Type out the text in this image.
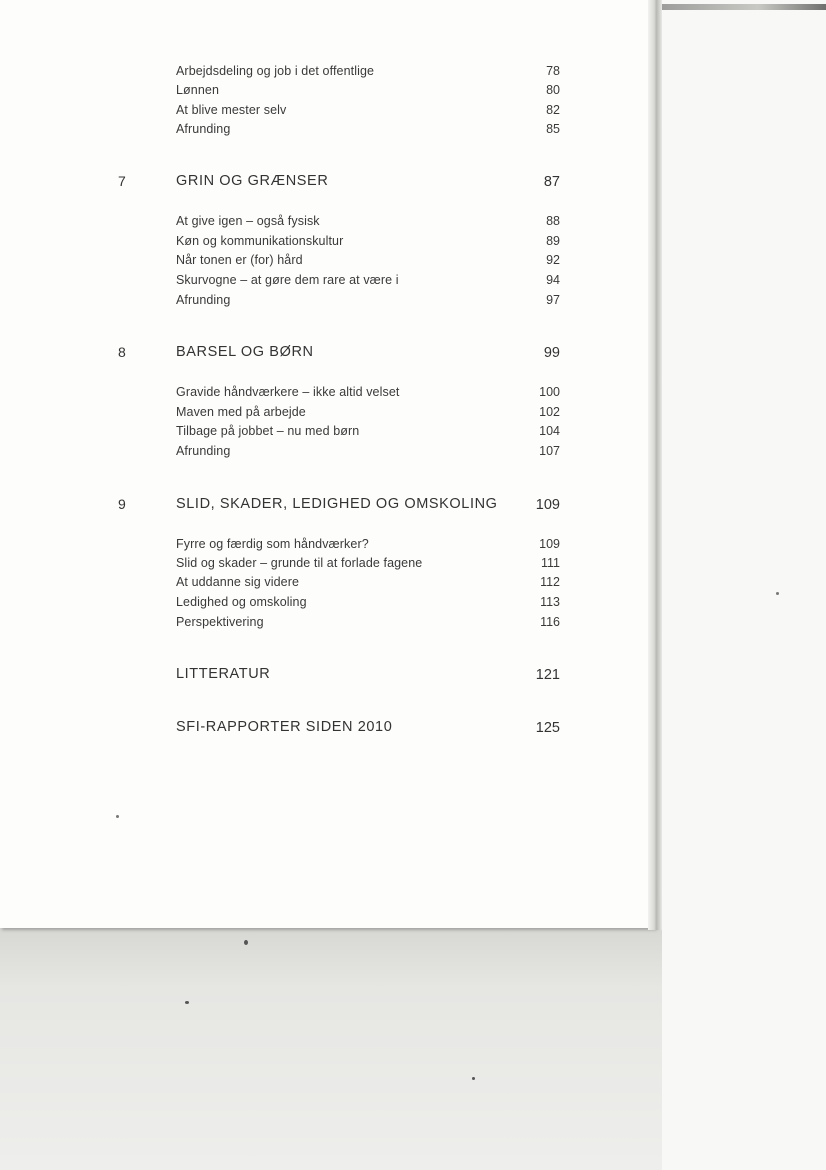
Arbejdsdeling og job i det offentlige	78
Lønnen	80
At blive mester selv	82
Afrunding	85
7	GRIN OG GRÆNSER	87
At give igen – også fysisk	88
Køn og kommunikationskultur	89
Når tonen er (for) hård	92
Skurvogne – at gøre dem rare at være i	94
Afrunding	97
8	BARSEL OG BØRN	99
Gravide håndværkere – ikke altid velset	100
Maven med på arbejde	102
Tilbage på jobbet – nu med børn	104
Afrunding	107
9	SLID, SKADER, LEDIGHED OG OMSKOLING	109
Fyrre og færdig som håndværker?	109
Slid og skader – grunde til at forlade fagene	111
At uddanne sig videre	112
Ledighed og omskoling	113
Perspektivering	116
LITTERATUR	121
SFI-RAPPORTER SIDEN 2010	125
